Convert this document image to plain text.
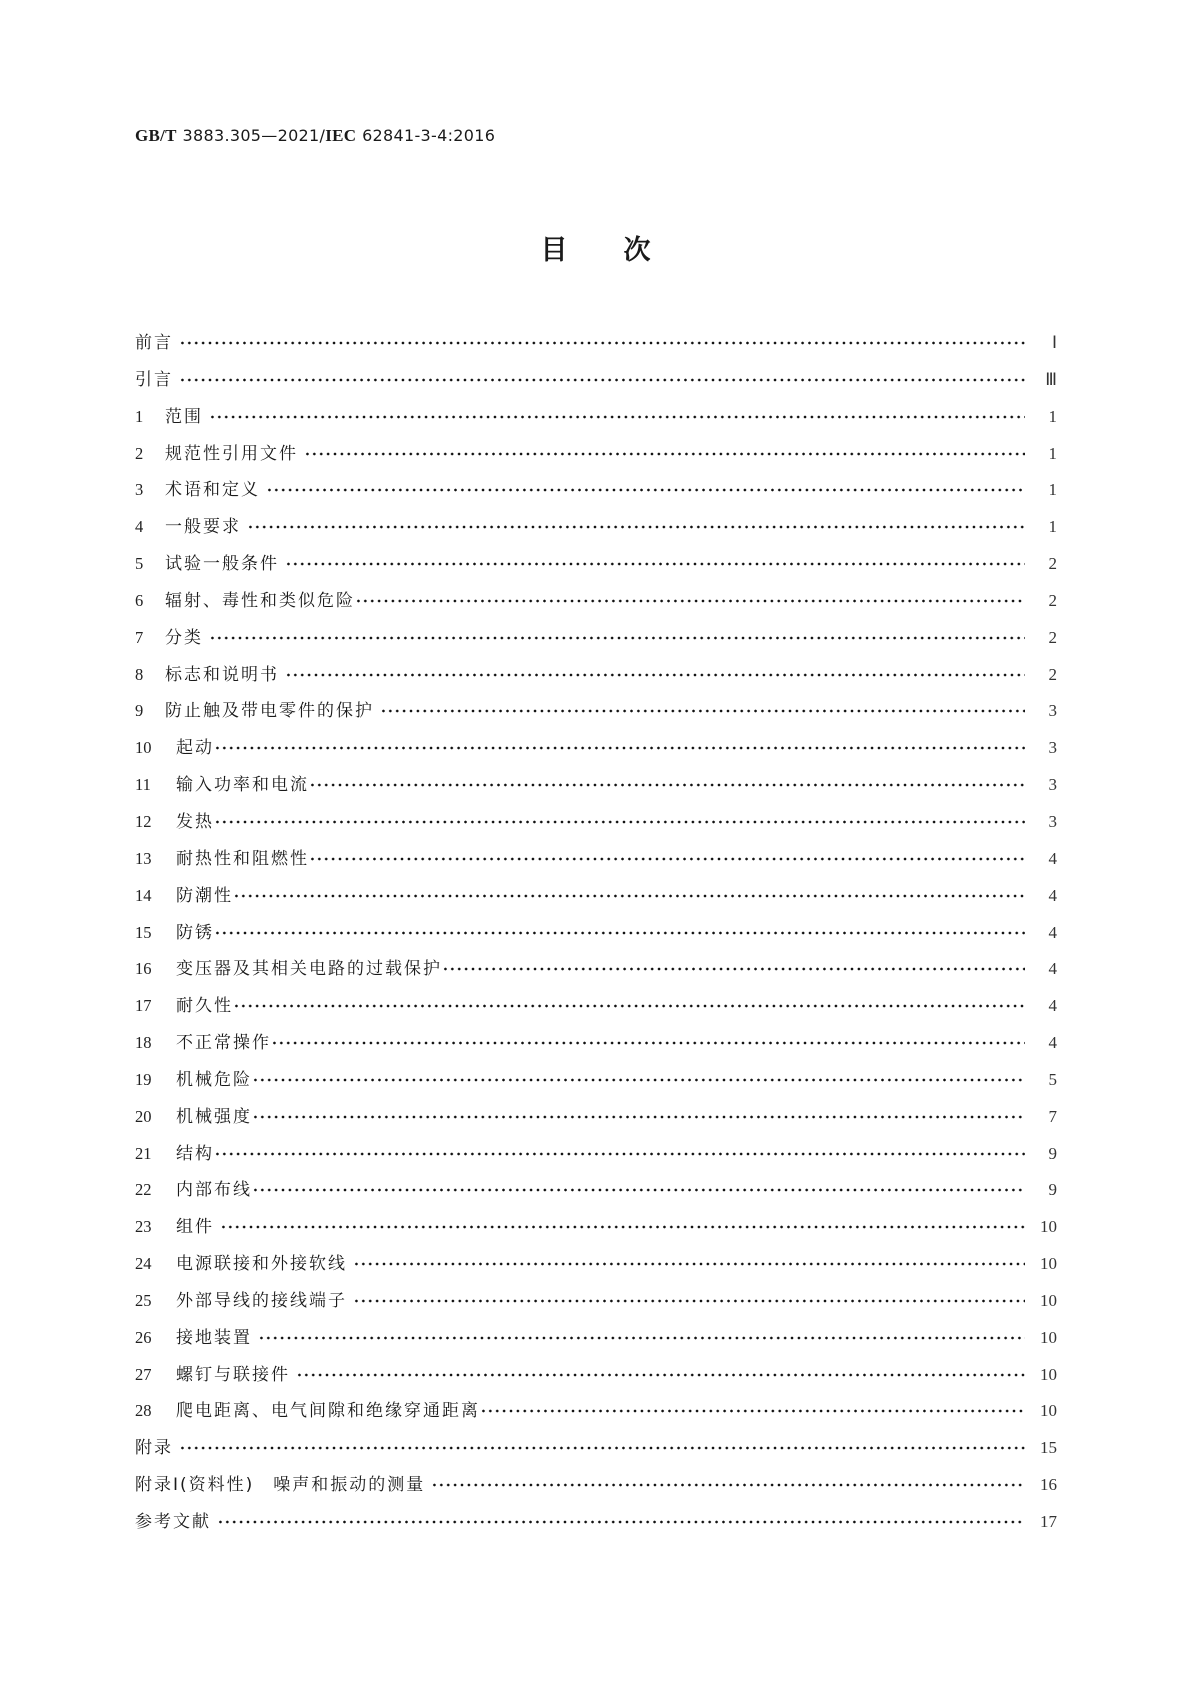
GB/T 3883.305—2021/IEC 62841-3-4:2016
目次
前言	Ⅰ
引言	Ⅲ
1	范围	1
2	规范性引用文件	1
3	术语和定义	1
4	一般要求	1
5	试验一般条件	2
6	辐射、毒性和类似危险	2
7	分类	2
8	标志和说明书	2
9	防止触及带电零件的保护	3
10	起动	3
11	输入功率和电流	3
12	发热	3
13	耐热性和阻燃性	4
14	防潮性	4
15	防锈	4
16	变压器及其相关电路的过载保护	4
17	耐久性	4
18	不正常操作	4
19	机械危险	5
20	机械强度	7
21	结构	9
22	内部布线	9
23	组件	10
24	电源联接和外接软线	10
25	外部导线的接线端子	10
26	接地装置	10
27	螺钉与联接件	10
28	爬电距离、电气间隙和绝缘穿通距离	10
附录	15
附录Ⅰ(资料性)　噪声和振动的测量	16
参考文献	17
